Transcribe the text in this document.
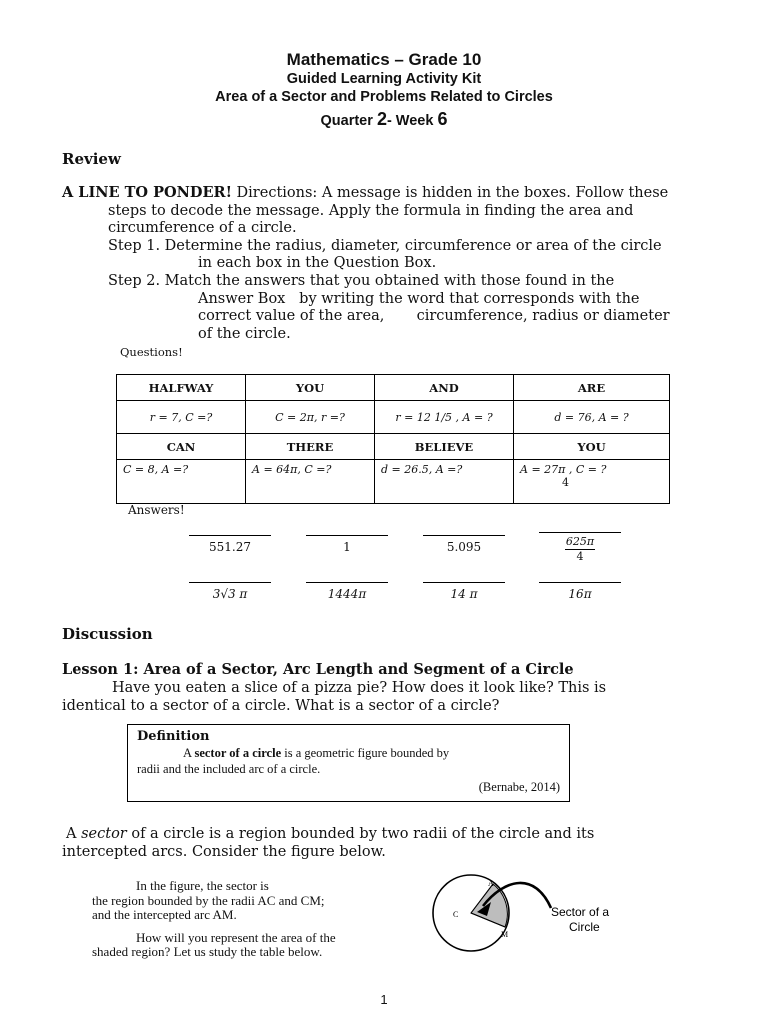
Mathematics – Grade 10
Guided Learning Activity Kit
Area of a Sector and Problems Related to Circles
Quarter 2- Week 6
Review
A LINE TO PONDER! Directions: A message is hidden in the boxes. Follow these
steps to decode the message. Apply the formula in finding the area and
circumference of a circle.
Step 1. Determine the radius, diameter, circumference or area of the circle
in each box in the Question Box.
Step 2. Match the answers that you obtained with those found in the
Answer Box   by writing the word that corresponds with the
correct value of the area,       circumference, radius or diameter
of the circle.
Questions!
HALFWAY	YOU	AND	ARE
r = 7, C =?	C = 2π, r =?	r = 12 1/5 , A = ?	d = 76, A = ?
CAN	THERE	BELIEVE	YOU
C = 8, A =?	A = 64π, C =?	d = 26.5, A =?	A = 27π , C = ?
4
Answers!
551.27	1	5.095	625π
4
3√3 π	1444π	14 π	16π
Discussion
Lesson 1: Area of a Sector, Arc Length and Segment of a Circle
Have you eaten a slice of a pizza pie? How does it look like? This is
identical to a sector of a circle. What is a sector of a circle?
Definition
A sector of a circle is a geometric figure bounded by
radii and the included arc of a circle.
(Bernabe, 2014)
A sector of a circle is a region bounded by two radii of the circle and its
intercepted arcs. Consider the figure below.
In the figure, the sector is
the region bounded by the radii AC and CM;
and the intercepted arc AM.
How will you represent the area of the
shaded region? Let us study the table below.
A
C
M
Sector of a
Circle
1
